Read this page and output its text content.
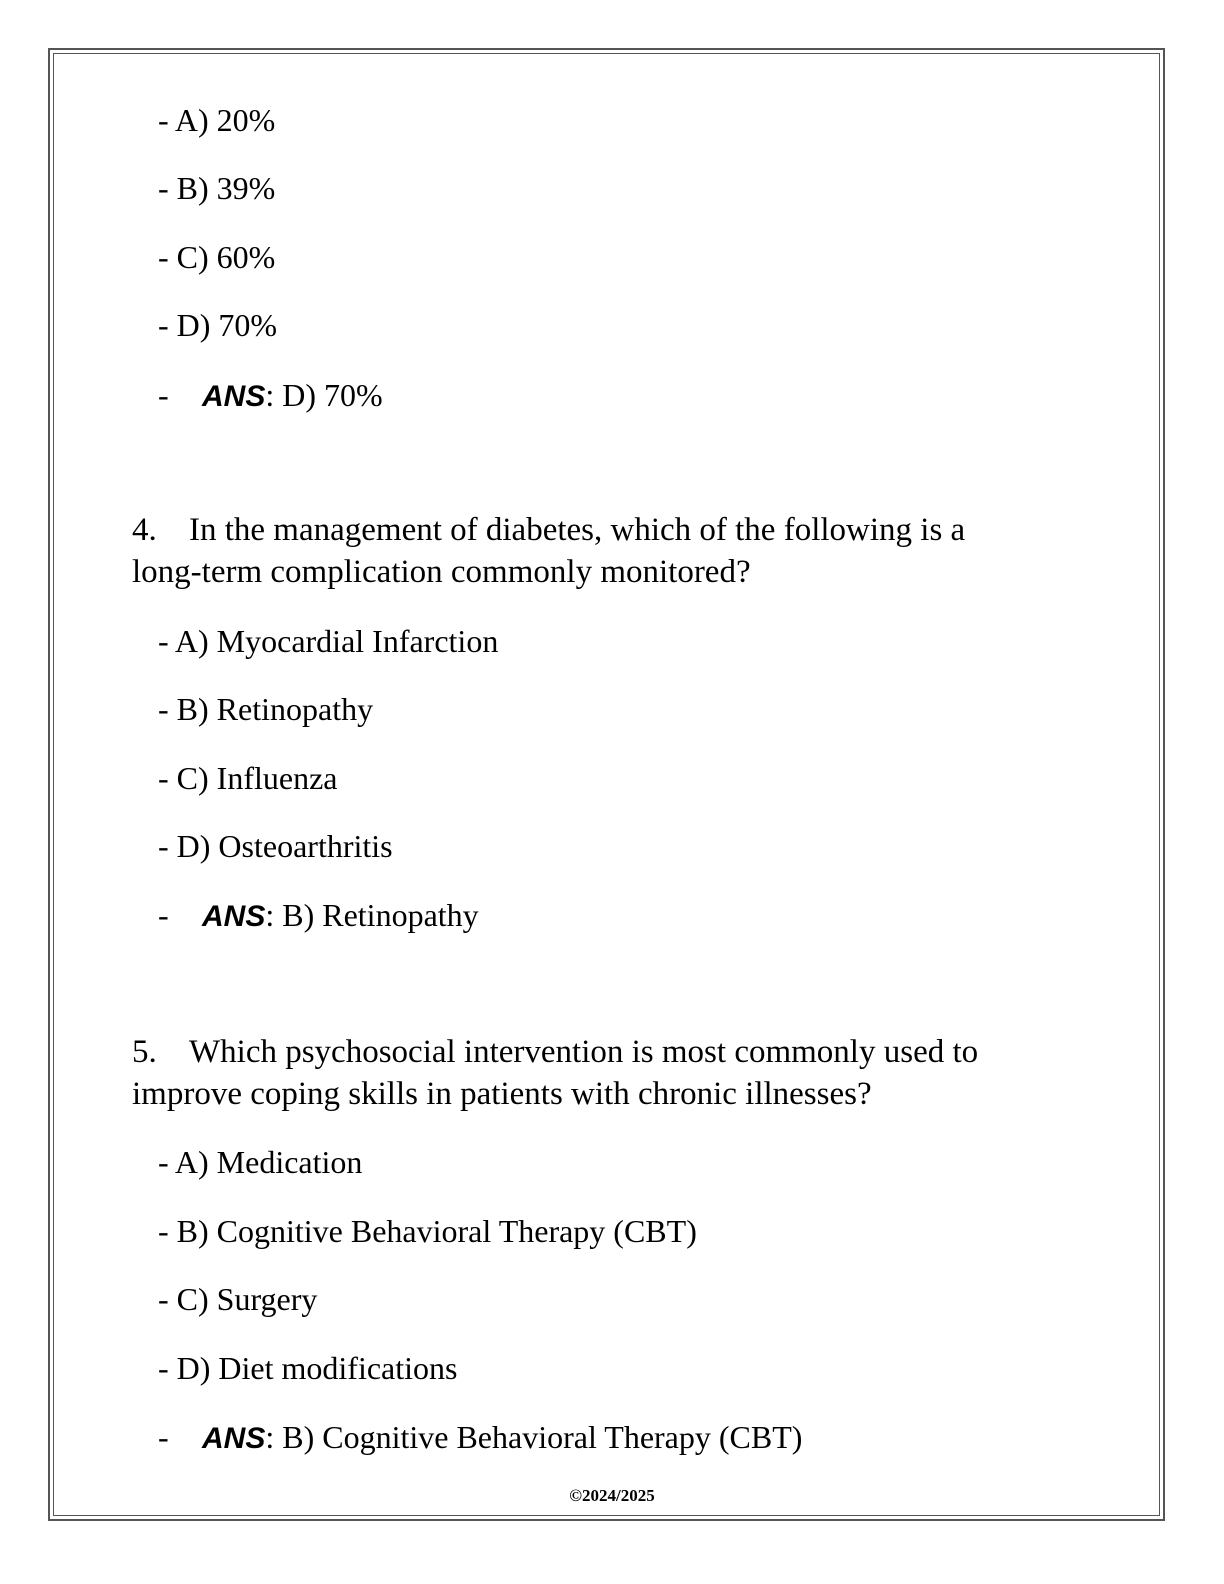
- A) 20%
- B) 39%
- C) 60%
- D) 70%
- ANS: D) 70%
4. In the management of diabetes, which of the following is a
long-term complication commonly monitored?
- A) Myocardial Infarction
- B) Retinopathy
- C) Influenza
- D) Osteoarthritis
- ANS: B) Retinopathy
5. Which psychosocial intervention is most commonly used to
improve coping skills in patients with chronic illnesses?
- A) Medication
- B) Cognitive Behavioral Therapy (CBT)
- C) Surgery
- D) Diet modifications
- ANS: B) Cognitive Behavioral Therapy (CBT)
©2024/2025
